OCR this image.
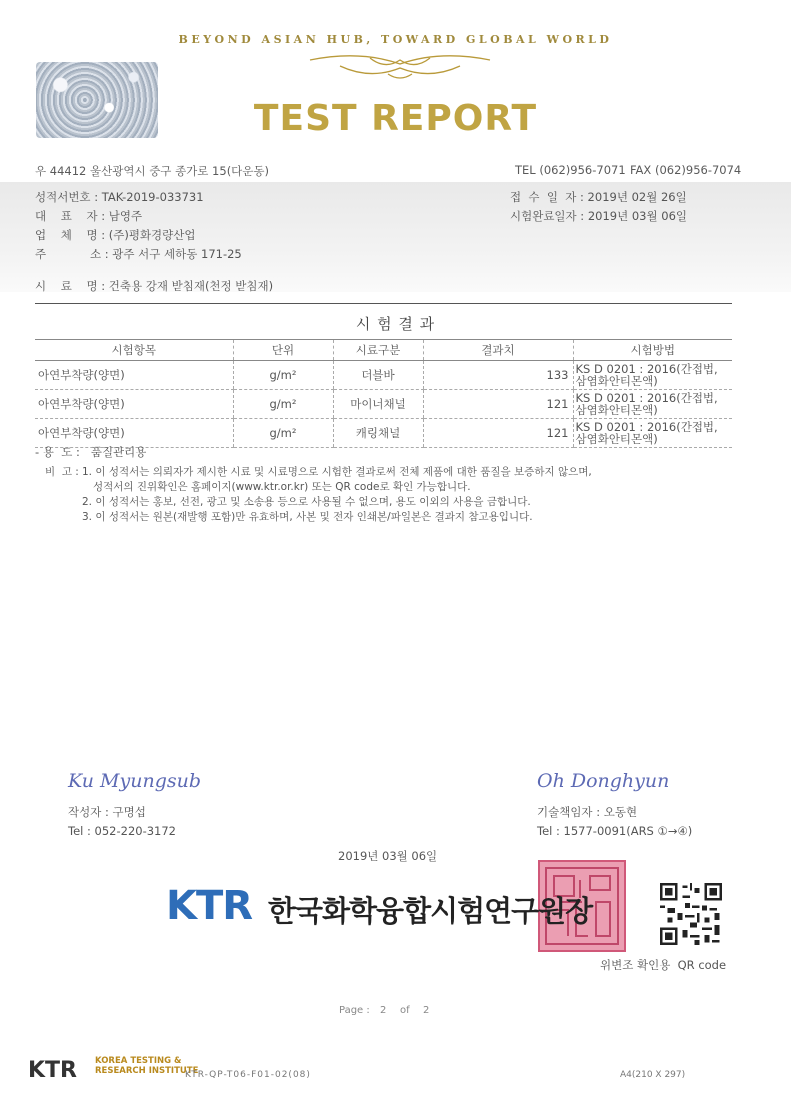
BEYOND ASIAN HUB, TOWARD GLOBAL WORLD
TEST REPORT
우 44412 울산광역시 중구 종가로 15(다운동)	TEL (062)956-7071 FAX (062)956-7074
성적서번호 : TAK-2019-033731
대    표    자 : 남영주
업    체    명 : (주)평화경량산업
주            소 : 광주 서구 세하동 171-25
접  수  일  자 : 2019년 02월 26일
시험완료일자 : 2019년 03월 06일
시    료    명 : 건축용 강재 받침재(천정 받침재)
시 험 결 과
시험항목	단위	시료구분	결과치	시험방법
아연부착량(양면)	g/m²	더블바	133	KS D 0201 : 2016(간접법, 삼염화안티몬액)
아연부착량(양면)	g/m²	마이너채널	121	KS D 0201 : 2016(간접법, 삼염화안티몬액)
아연부착량(양면)	g/m²	캐링채널	121	KS D 0201 : 2016(간접법, 삼염화안티몬액)
- 용  도 :   품질관리용
비  고 : 1. 이 성적서는 의뢰자가 제시한 시료 및 시료명으로 시험한 결과로써 전체 제품에 대한 품질을 보증하지 않으며,
성적서의 진위확인은 홈페이지(www.ktr.or.kr) 또는 QR code로 확인 가능합니다.
2. 이 성적서는 홍보, 선전, 광고 및 소송용 등으로 사용될 수 없으며, 용도 이외의 사용을 금합니다.
3. 이 성적서는 원본(재발행 포함)만 유효하며, 사본 및 전자 인쇄본/파일본은 결과지 참고용입니다.
Ku Myungsub
작성자 : 구명섭
Tel : 052-220-3172
Oh Donghyun
기술책임자 : 오동현
Tel : 1577-0091(ARS ①→④)
2019년 03월 06일
KTR 한국화학융합시험연구원장
위변조 확인용  QR code
Page : 2 of 2
KTR KOREA TESTING &
RESEARCH INSTITUTE
KTR-QP-T06-F01-02(08)	A4(210 X 297)
